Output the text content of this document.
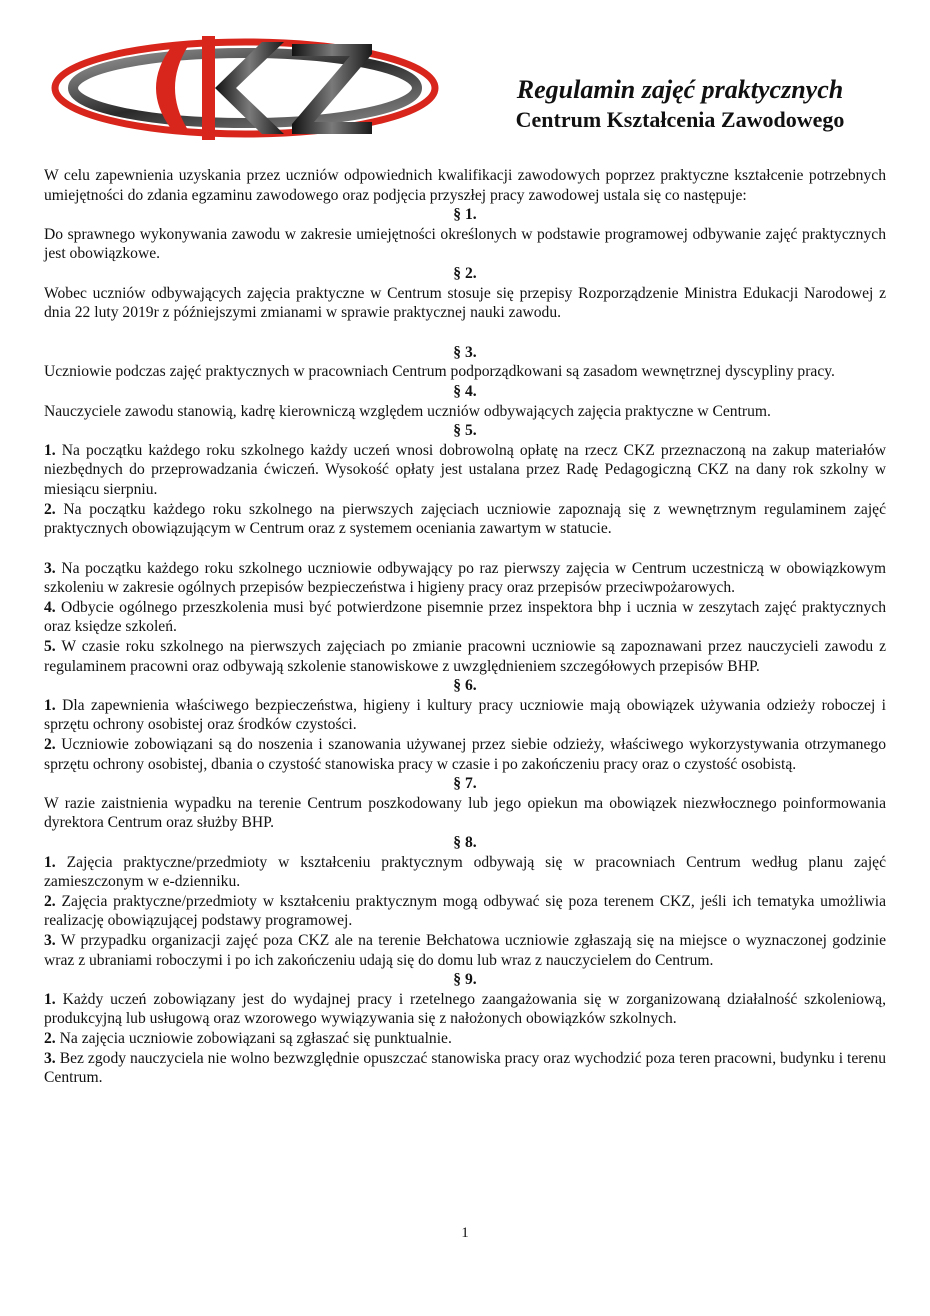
Regulamin zajęć praktycznych
Centrum Kształcenia Zawodowego

W celu zapewnienia uzyskania przez uczniów odpowiednich kwalifikacji zawodowych poprzez praktyczne kształcenie potrzebnych umiejętności do zdania egzaminu zawodowego oraz podjęcia przyszłej pracy zawodowej ustala się co następuje:

§ 1.

Do sprawnego wykonywania zawodu w zakresie umiejętności określonych w podstawie programowej odbywanie zajęć praktycznych jest obowiązkowe.

§ 2.

Wobec uczniów odbywających zajęcia praktyczne w Centrum stosuje się przepisy Rozporządzenie Ministra Edukacji Narodowej z dnia 22 luty 2019r z późniejszymi zmianami w sprawie praktycznej nauki zawodu.

§ 3.

Uczniowie podczas zajęć praktycznych w pracowniach Centrum podporządkowani są zasadom wewnętrznej dyscypliny pracy.

§ 4.

Nauczyciele zawodu stanowią, kadrę kierowniczą względem uczniów odbywających zajęcia praktyczne w Centrum.

§ 5.

1. Na początku każdego roku szkolnego każdy uczeń wnosi dobrowolną opłatę na rzecz CKZ przeznaczoną na zakup materiałów niezbędnych do przeprowadzania ćwiczeń. Wysokość opłaty jest ustalana przez Radę Pedagogiczną CKZ na dany rok szkolny w miesiącu sierpniu.

2. Na początku każdego roku szkolnego na pierwszych zajęciach uczniowie zapoznają się z wewnętrznym regulaminem zajęć praktycznych obowiązującym w Centrum oraz z systemem oceniania zawartym w statucie.

3. Na początku każdego roku szkolnego uczniowie odbywający po raz pierwszy zajęcia w Centrum uczestniczą w obowiązkowym szkoleniu w zakresie ogólnych przepisów bezpieczeństwa i higieny pracy oraz przepisów przeciwpożarowych.

4. Odbycie ogólnego przeszkolenia musi być potwierdzone pisemnie przez inspektora bhp i ucznia w zeszytach zajęć praktycznych oraz księdze szkoleń.

5. W czasie roku szkolnego na pierwszych zajęciach po zmianie pracowni uczniowie są zapoznawani przez nauczycieli zawodu z regulaminem pracowni oraz odbywają szkolenie stanowiskowe z uwzględnieniem szczegółowych przepisów BHP.

§ 6.

1. Dla zapewnienia właściwego bezpieczeństwa, higieny i kultury pracy uczniowie mają obowiązek używania odzieży roboczej i sprzętu ochrony osobistej oraz środków czystości.

2. Uczniowie zobowiązani są do noszenia i szanowania używanej przez siebie odzieży, właściwego wykorzystywania otrzymanego sprzętu ochrony osobistej, dbania o czystość stanowiska pracy w czasie i po zakończeniu pracy oraz o czystość osobistą.

§ 7.

W razie zaistnienia wypadku na terenie Centrum poszkodowany lub jego opiekun ma obowiązek niezwłocznego poinformowania dyrektora Centrum oraz służby BHP.

§ 8.

1. Zajęcia praktyczne/przedmioty w kształceniu praktycznym odbywają się w pracowniach Centrum według planu zajęć zamieszczonym w e-dzienniku.

2. Zajęcia praktyczne/przedmioty w kształceniu praktycznym mogą odbywać się poza terenem CKZ, jeśli ich tematyka umożliwia realizację obowiązującej podstawy programowej.

3. W przypadku organizacji zajęć poza CKZ ale na terenie Bełchatowa uczniowie zgłaszają się na miejsce o wyznaczonej godzinie wraz z ubraniami roboczymi i po ich zakończeniu udają się do domu lub wraz z nauczycielem do Centrum.

§ 9.

1. Każdy uczeń zobowiązany jest do wydajnej pracy i rzetelnego zaangażowania się w zorganizowaną działalność szkoleniową, produkcyjną lub usługową oraz wzorowego wywiązywania się z nałożonych obowiązków szkolnych.

2. Na zajęcia uczniowie zobowiązani są zgłaszać się punktualnie.

3. Bez zgody nauczyciela nie wolno bezwzględnie opuszczać stanowiska pracy oraz wychodzić poza teren pracowni, budynku i terenu Centrum.

1
